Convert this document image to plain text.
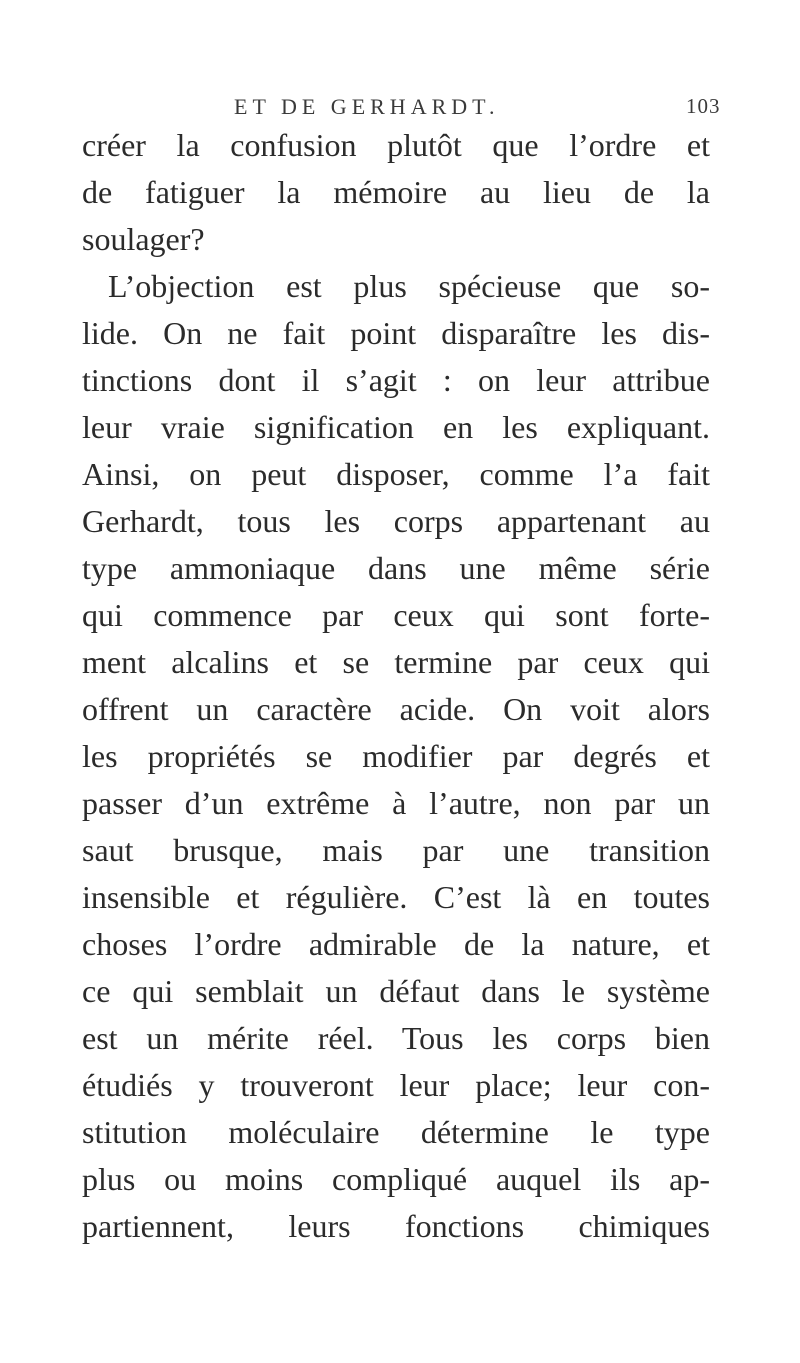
ET DE GERHARDT.	103
créer la confusion plutôt que l’ordre et
de fatiguer la mémoire au lieu de la
soulager?
L’objection est plus spécieuse que so-
lide. On ne fait point disparaître les dis-
tinctions dont il s’agit : on leur attribue
leur vraie signification en les expliquant.
Ainsi, on peut disposer, comme l’a fait
Gerhardt, tous les corps appartenant au
type ammoniaque dans une même série
qui commence par ceux qui sont forte-
ment alcalins et se termine par ceux qui
offrent un caractère acide. On voit alors
les propriétés se modifier par degrés et
passer d’un extrême à l’autre, non par un
saut brusque, mais par une transition
insensible et régulière. C’est là en toutes
choses l’ordre admirable de la nature, et
ce qui semblait un défaut dans le système
est un mérite réel. Tous les corps bien
étudiés y trouveront leur place; leur con-
stitution moléculaire détermine le type
plus ou moins compliqué auquel ils ap-
partiennent, leurs fonctions chimiques
